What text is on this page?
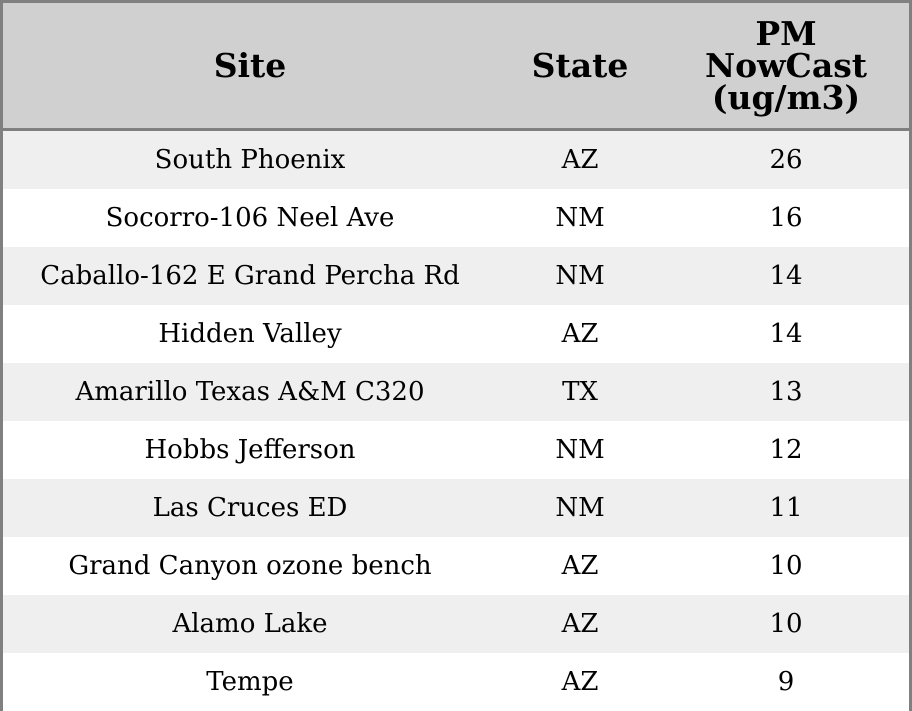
Site	State	PM
NowCast
(ug/m3)

South Phoenix	AZ	26
Socorro-106 Neel Ave	NM	16
Caballo-162 E Grand Percha Rd	NM	14
Hidden Valley	AZ	14
Amarillo Texas A&M C320	TX	13
Hobbs Jefferson	NM	12
Las Cruces ED	NM	11
Grand Canyon ozone bench	AZ	10
Alamo Lake	AZ	10
Tempe	AZ	9
